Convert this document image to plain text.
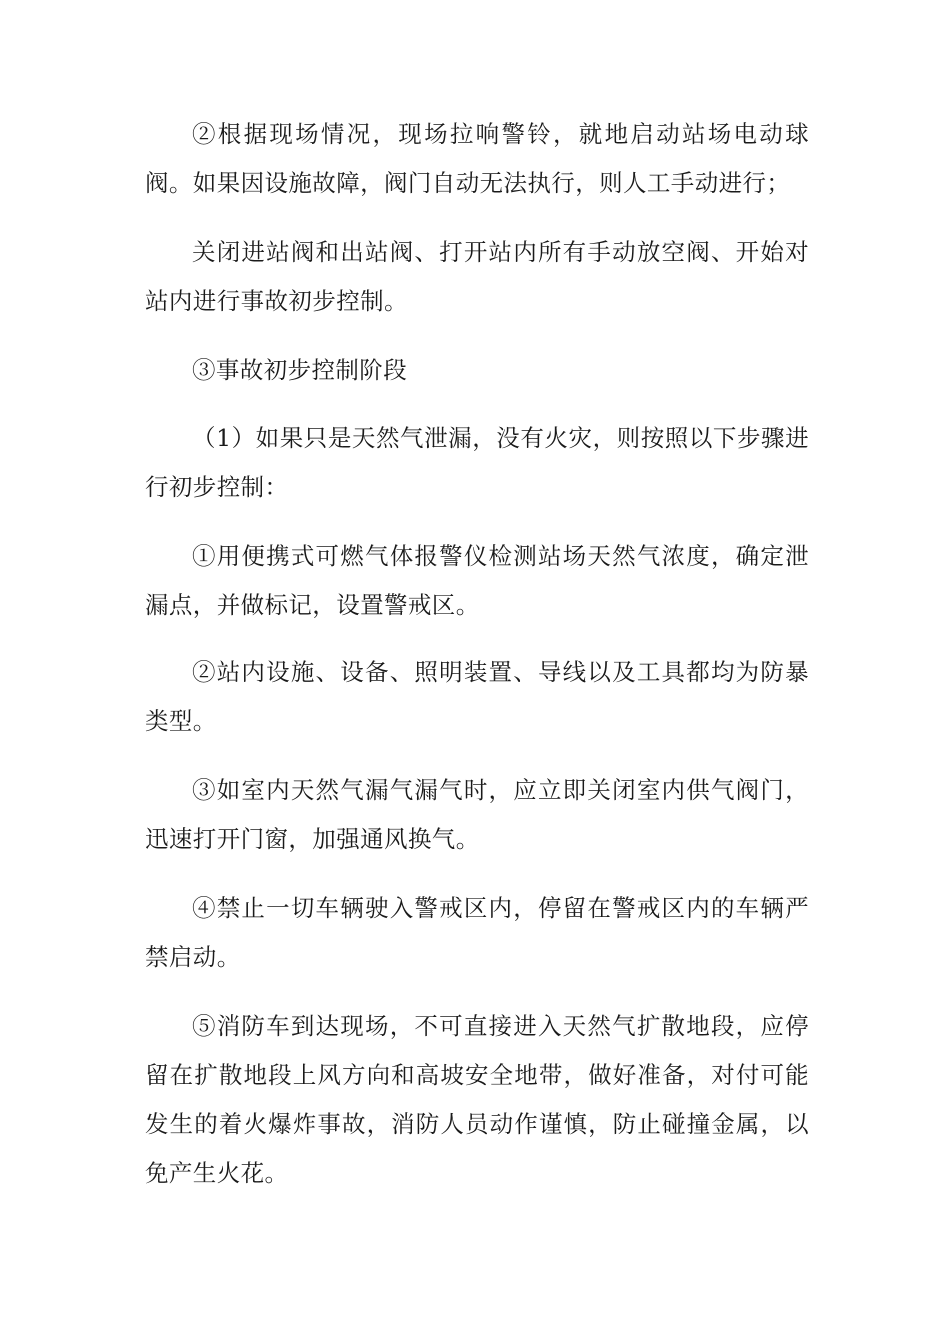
②根据现场情况，现场拉响警铃，就地启动站场电动球阀。如果因设施故障，阀门自动无法执行，则人工手动进行；

关闭进站阀和出站阀、打开站内所有手动放空阀、开始对站内进行事故初步控制。

③事故初步控制阶段

（1）如果只是天然气泄漏，没有火灾，则按照以下步骤进行初步控制：

①用便携式可燃气体报警仪检测站场天然气浓度，确定泄漏点，并做标记，设置警戒区。

②站内设施、设备、照明装置、导线以及工具都均为防暴类型。

③如室内天然气漏气漏气时，应立即关闭室内供气阀门，迅速打开门窗，加强通风换气。

④禁止一切车辆驶入警戒区内，停留在警戒区内的车辆严禁启动。

⑤消防车到达现场，不可直接进入天然气扩散地段，应停留在扩散地段上风方向和高坡安全地带，做好准备，对付可能发生的着火爆炸事故，消防人员动作谨慎，防止碰撞金属，以免产生火花。
